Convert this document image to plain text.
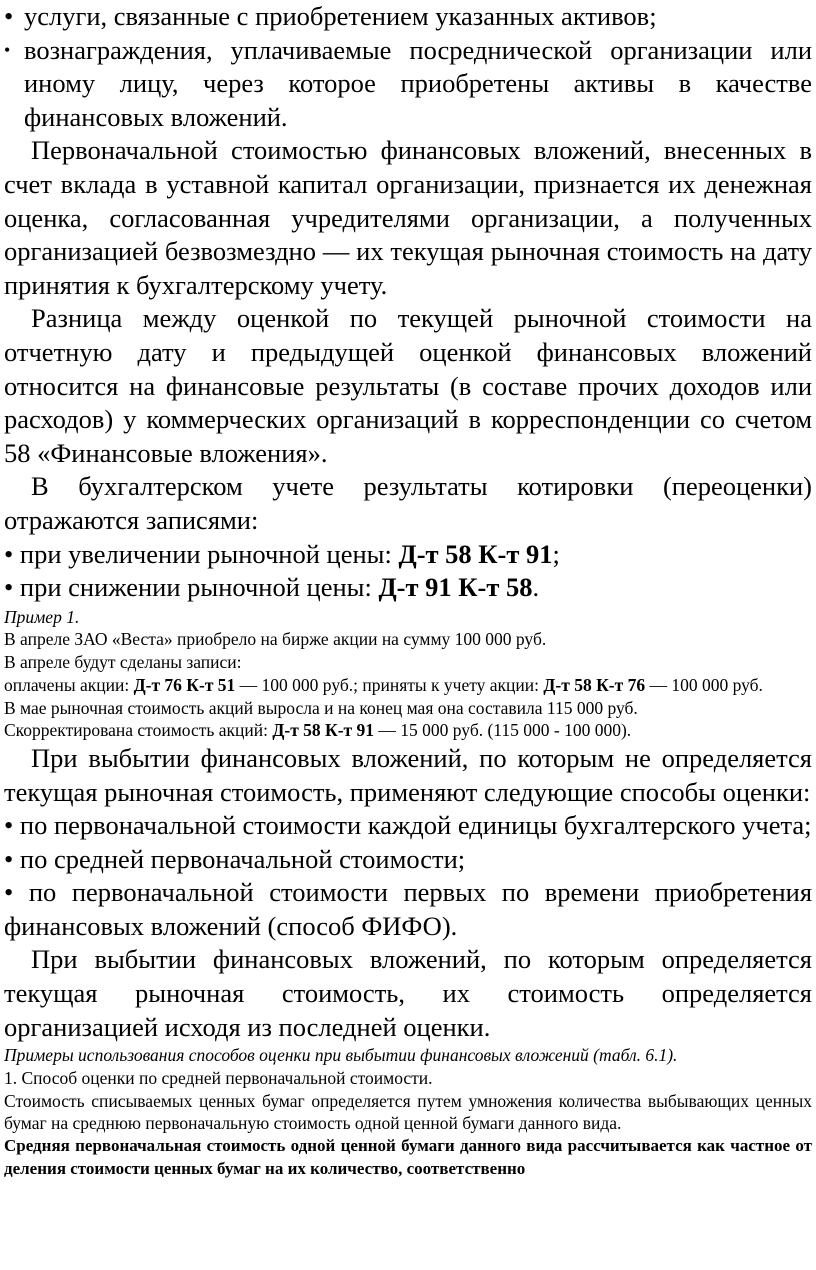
• услуги, связанные с приобретением указанных активов;
• вознаграждения, уплачиваемые посреднической организации или иному лицу, через которое приобретены активы в качестве финансовых вложений.

Первоначальной стоимостью финансовых вложений, внесенных в счет вклада в уставной капитал организации, признается их денежная оценка, согласованная учредителями организации, а полученных организацией безвозмездно — их текущая рыночная стоимость на дату принятия к бухгалтерскому учету.

Разница между оценкой по текущей рыночной стоимости на отчетную дату и предыдущей оценкой финансовых вложений относится на финансовые результаты (в составе прочих доходов или расходов) у коммерческих организаций в корреспонденции со счетом 58 «Финансовые вложения».

В бухгалтерском учете результаты котировки (переоценки) отражаются записями:

• при увеличении рыночной цены: Д-т 58 К-т 91;
• при снижении рыночной цены: Д-т 91 К-т 58.
Пример 1.
В апреле ЗАО «Веста» приобрело на бирже акции на сумму 100 000 руб.
В апреле будут сделаны записи:
оплачены акции: Д-т 76 К-т 51 — 100 000 руб.; приняты к учету акции: Д-т 58 К-т 76 — 100 000 руб.
В мае рыночная стоимость акций выросла и на конец мая она составила 115 000 руб.
Скорректирована стоимость акций: Д-т 58 К-т 91 — 15 000 руб. (115 000 - 100 000).

При выбытии финансовых вложений, по которым не определяется текущая рыночная стоимость, применяют следующие способы оценки:

• по первоначальной стоимости каждой единицы бухгалтерского учета;
• по средней первоначальной стоимости;
• по первоначальной стоимости первых по времени приобретения финансовых вложений (способ ФИФО).

При выбытии финансовых вложений, по которым определяется текущая рыночная стоимость, их стоимость определяется организацией исходя из последней оценки.

Примеры использования способов оценки при выбытии финансовых вложений (табл. 6.1).
1. Способ оценки по средней первоначальной стоимости.
Стоимость списываемых ценных бумаг определяется путем умножения количества выбывающих ценных бумаг на среднюю первоначальную стоимость одной ценной бумаги данного вида.
Средняя первоначальная стоимость одной ценной бумаги данного вида рассчитывается как частное от деления стоимости ценных бумаг на их количество, соответственно
